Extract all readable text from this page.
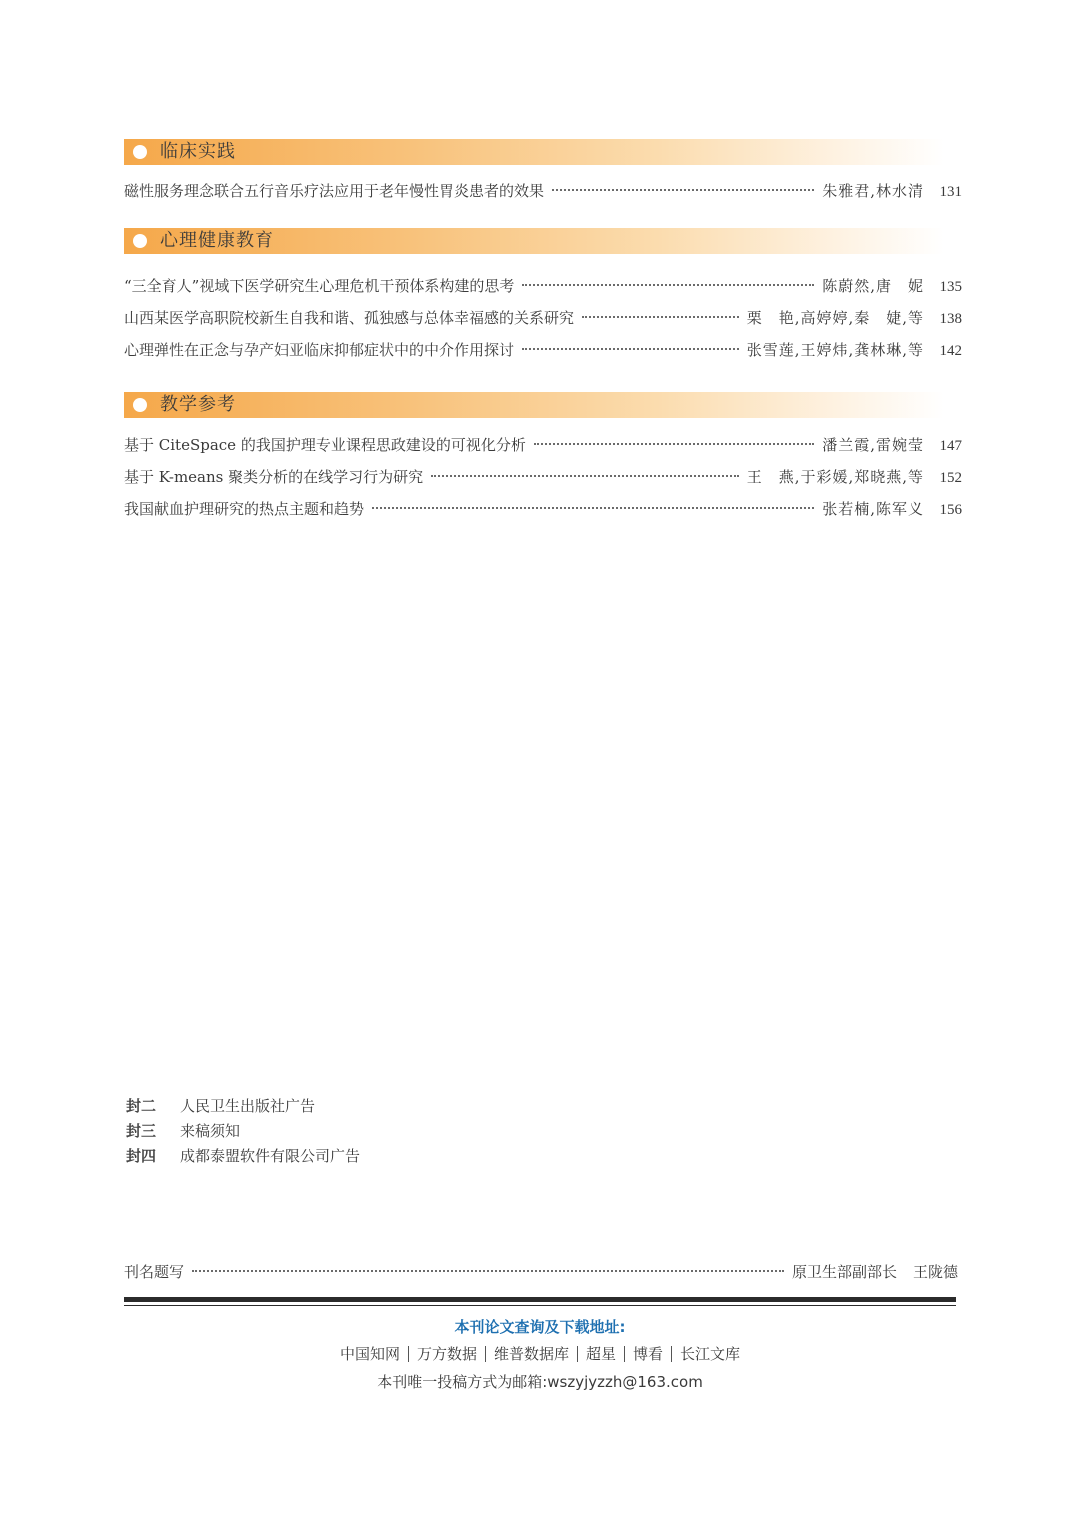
临床实践
磁性服务理念联合五行音乐疗法应用于老年慢性胃炎患者的效果	朱雅君,林水清	131
心理健康教育
“三全育人”视域下医学研究生心理危机干预体系构建的思考	陈蔚然,唐　妮	135
山西某医学高职院校新生自我和谐、孤独感与总体幸福感的关系研究	栗　艳,高婷婷,秦　婕,等	138
心理弹性在正念与孕产妇亚临床抑郁症状中的中介作用探讨	张雪莲,王婷炜,龚林琳,等	142
教学参考
基于 CiteSpace 的我国护理专业课程思政建设的可视化分析	潘兰霞,雷婉莹	147
基于 K-means 聚类分析的在线学习行为研究	王　燕,于彩媛,郑晓燕,等	152
我国献血护理研究的热点主题和趋势	张若楠,陈军义	156
封二	人民卫生出版社广告
封三	来稿须知
封四	成都泰盟软件有限公司广告
刊名题写	原卫生部副部长 王陇德
本刊论文查询及下载地址:
中国知网	万方数据	维普数据库	超星	博看	长江文库
本刊唯一投稿方式为邮箱:wszyjyzzh@163.com
